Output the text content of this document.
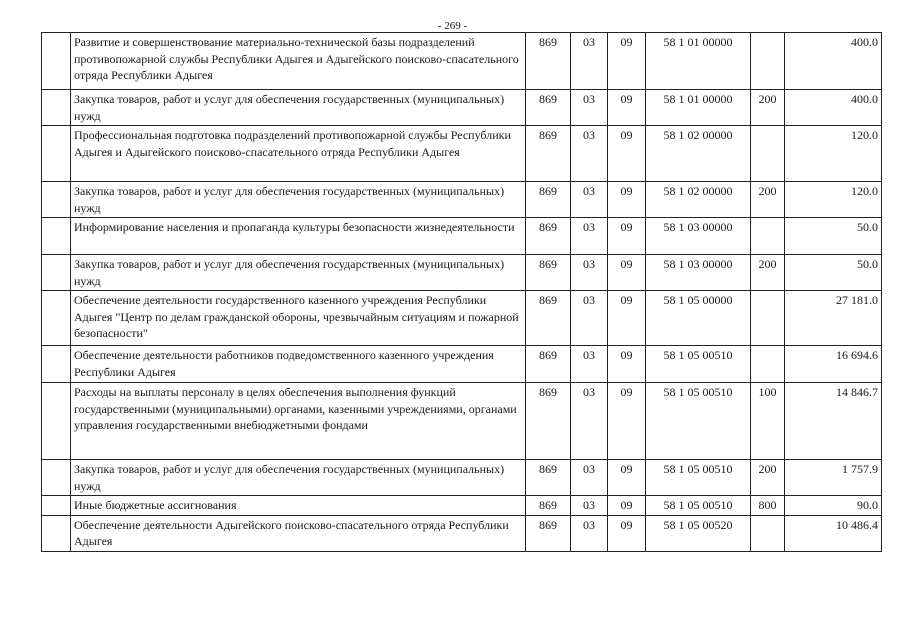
- 269 -
	Развитие и совершенствование материально-технической базы подразделений противопожарной службы Республики Адыгея и Адыгейского поисково-спасательного отряда Республики Адыгея	869	03	09	58 1 01 00000		400.0
	Закупка товаров, работ и услуг для обеспечения государственных (муниципальных) нужд	869	03	09	58 1 01 00000	200	400.0
	Профессиональная подготовка подразделений противопожарной службы Республики Адыгея и Адыгейского поисково-спасательного отряда Республики Адыгея	869	03	09	58 1 02 00000		120.0
	Закупка товаров, работ и услуг для обеспечения государственных (муниципальных) нужд	869	03	09	58 1 02 00000	200	120.0
	Информирование населения и пропаганда культуры безопасности жизнедеятельности	869	03	09	58 1 03 00000		50.0
	Закупка товаров, работ и услуг для обеспечения государственных (муниципальных) нужд	869	03	09	58 1 03 00000	200	50.0
	Обеспечение деятельности государственного казенного учреждения Республики Адыгея "Центр по делам гражданской обороны, чрезвычайным ситуациям и пожарной безопасности"	869	03	09	58 1 05 00000		27 181.0
	Обеспечение деятельности работников подведомственного казенного учреждения Республики Адыгея	869	03	09	58 1 05 00510		16 694.6
	Расходы на выплаты персоналу в целях обеспечения выполнения функций государственными (муниципальными) органами, казенными учреждениями, органами управления государственными внебюджетными фондами	869	03	09	58 1 05 00510	100	14 846.7
	Закупка товаров, работ и услуг для обеспечения государственных (муниципальных) нужд	869	03	09	58 1 05 00510	200	1 757.9
	Иные бюджетные ассигнования	869	03	09	58 1 05 00510	800	90.0
	Обеспечение деятельности Адыгейского поисково-спасательного отряда Республики Адыгея	869	03	09	58 1 05 00520		10 486.4
